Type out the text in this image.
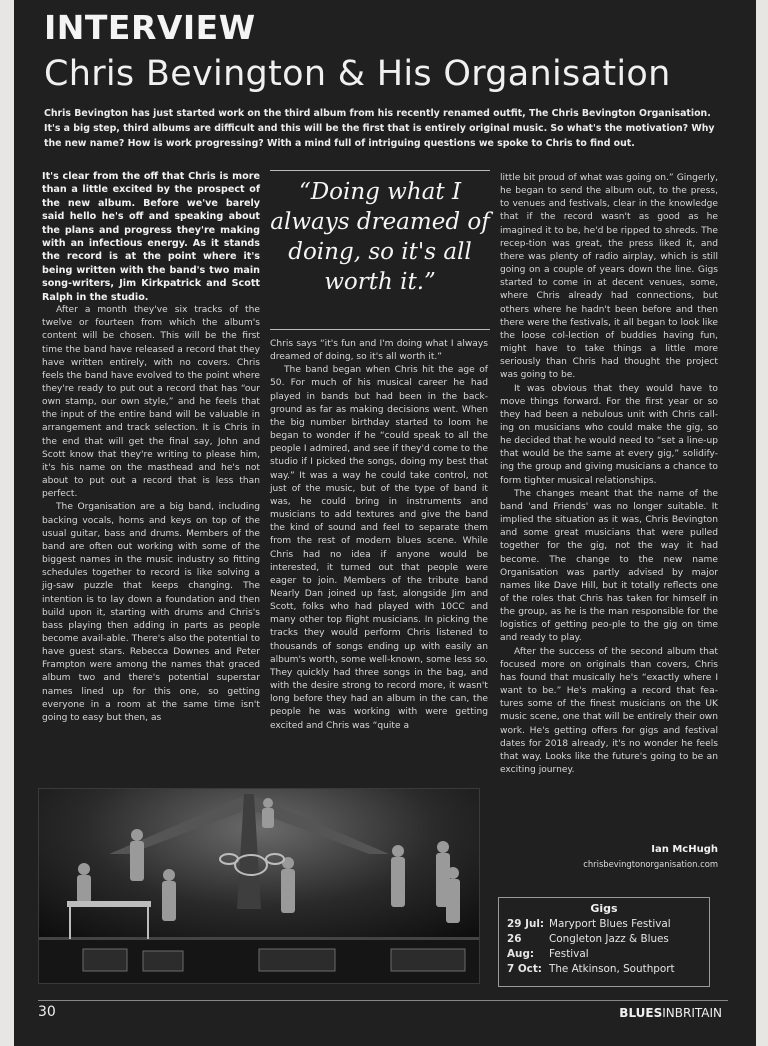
INTERVIEW
Chris Bevington & His Organisation
Chris Bevington has just started work on the third album from his recently renamed outfit, The Chris Bevington Organisation. It's a big step, third albums are difficult and this will be the first that is entirely original music. So what's the motivation? Why the new name? How is work progressing? With a mind full of intriguing questions we spoke to Chris to find out.

It's clear from the off that Chris is more than a little excited by the prospect of the new album. Before we've barely said hello he's off and speaking about the plans and progress they're making with an infectious energy. As it stands the record is at the point where it's being written with the band's two main song-writers, Jim Kirkpatrick and Scott Ralph in the studio.

After a month they've six tracks of the twelve or fourteen from which the album's content will be chosen. This will be the first time the band have released a record that they have written entirely, with no covers. Chris feels the band have evolved to the point where they're ready to put out a record that has “our own stamp, our own style,” and he feels that the input of the entire band will be valuable in arrangement and track selection. It is Chris in the end that will get the final say, John and Scott know that they're writing to please him, it's his name on the masthead and he's not about to put out a record that is less than perfect.

The Organisation are a big band, including backing vocals, horns and keys on top of the usual guitar, bass and drums. Members of the band are often out working with some of the biggest names in the music industry so fitting schedules together to record is like solving a jig-saw puzzle that keeps changing. The intention is to lay down a foundation and then build upon it, starting with drums and Chris's bass playing then adding in parts as people become avail-able. There's also the potential to have guest stars. Rebecca Downes and Peter Frampton were among the names that graced album two and there's potential superstar names lined up for this one, so getting everyone in a room at the same time isn't going to easy but then, as

“Doing what I always dreamed of doing, so it's all worth it.”

Chris says “it's fun and I'm doing what I always dreamed of doing, so it's all worth it.”

The band began when Chris hit the age of 50. For much of his musical career he had played in bands but had been in the back-ground as far as making decisions went. When the big number birthday started to loom he began to wonder if he “could speak to all the people I admired, and see if they'd come to the studio if I picked the songs, doing my best that way.” It was a way he could take control, not just of the music, but of the type of band it was, he could bring in instruments and musicians to add textures and give the band the kind of sound and feel to separate them from the rest of modern blues scene. While Chris had no idea if anyone would be interested, it turned out that people were eager to join. Members of the tribute band Nearly Dan joined up fast, alongside Jim and Scott, folks who had played with 10CC and many other top flight musicians. In picking the tracks they would perform Chris listened to thousands of songs ending up with easily an album's worth, some well-known, some less so. They quickly had three songs in the bag, and with the desire strong to record more, it wasn't long before they had an album in the can, the people he was working with were getting excited and Chris was “quite a

little bit proud of what was going on.” Gingerly, he began to send the album out, to the press, to venues and festivals, clear in the knowledge that if the record wasn't as good as he imagined it to be, he'd be ripped to shreds. The recep-tion was great, the press liked it, and there was plenty of radio airplay, which is still going on a couple of years down the line. Gigs started to come in at decent venues, some, where Chris already had connections, but others where he hadn't been before and then there were the festivals, it all began to look like the loose col-lection of buddies having fun, might have to take things a little more seriously than Chris had thought the project was going to be.

It was obvious that they would have to move things forward. For the first year or so they had been a nebulous unit with Chris call-ing on musicians who could make the gig, so he decided that he would need to “set a line-up that would be the same at every gig,” solidify-ing the group and giving musicians a chance to form tighter musical relationships.

The changes meant that the name of the band 'and Friends' was no longer suitable. It implied the situation as it was, Chris Bevington and some great musicians that were pulled together for the gig, not the way it had become. The change to the new name Organisation was partly advised by major names like Dave Hill, but it totally reflects one of the roles that Chris has taken for himself in the group, as he is the man responsible for the logistics of getting peo-ple to the gig on time and ready to play.

After the success of the second album that focused more on originals than covers, Chris has found that musically he's “exactly where I want to be.” He's making a record that fea-tures some of the finest musicians on the UK music scene, one that will be entirely their own work. He's getting offers for gigs and festival dates for 2018 already, it's no wonder he feels that way. Looks like the future's going to be an exciting journey.

Ian McHugh
chrisbevingtonorganisation.com
Gigs
29 Jul: Maryport Blues Festival
26 Aug:
Congleton Jazz & Blues Festival
7 Oct: The Atkinson, Southport
30	BLUESINBRITAIN
